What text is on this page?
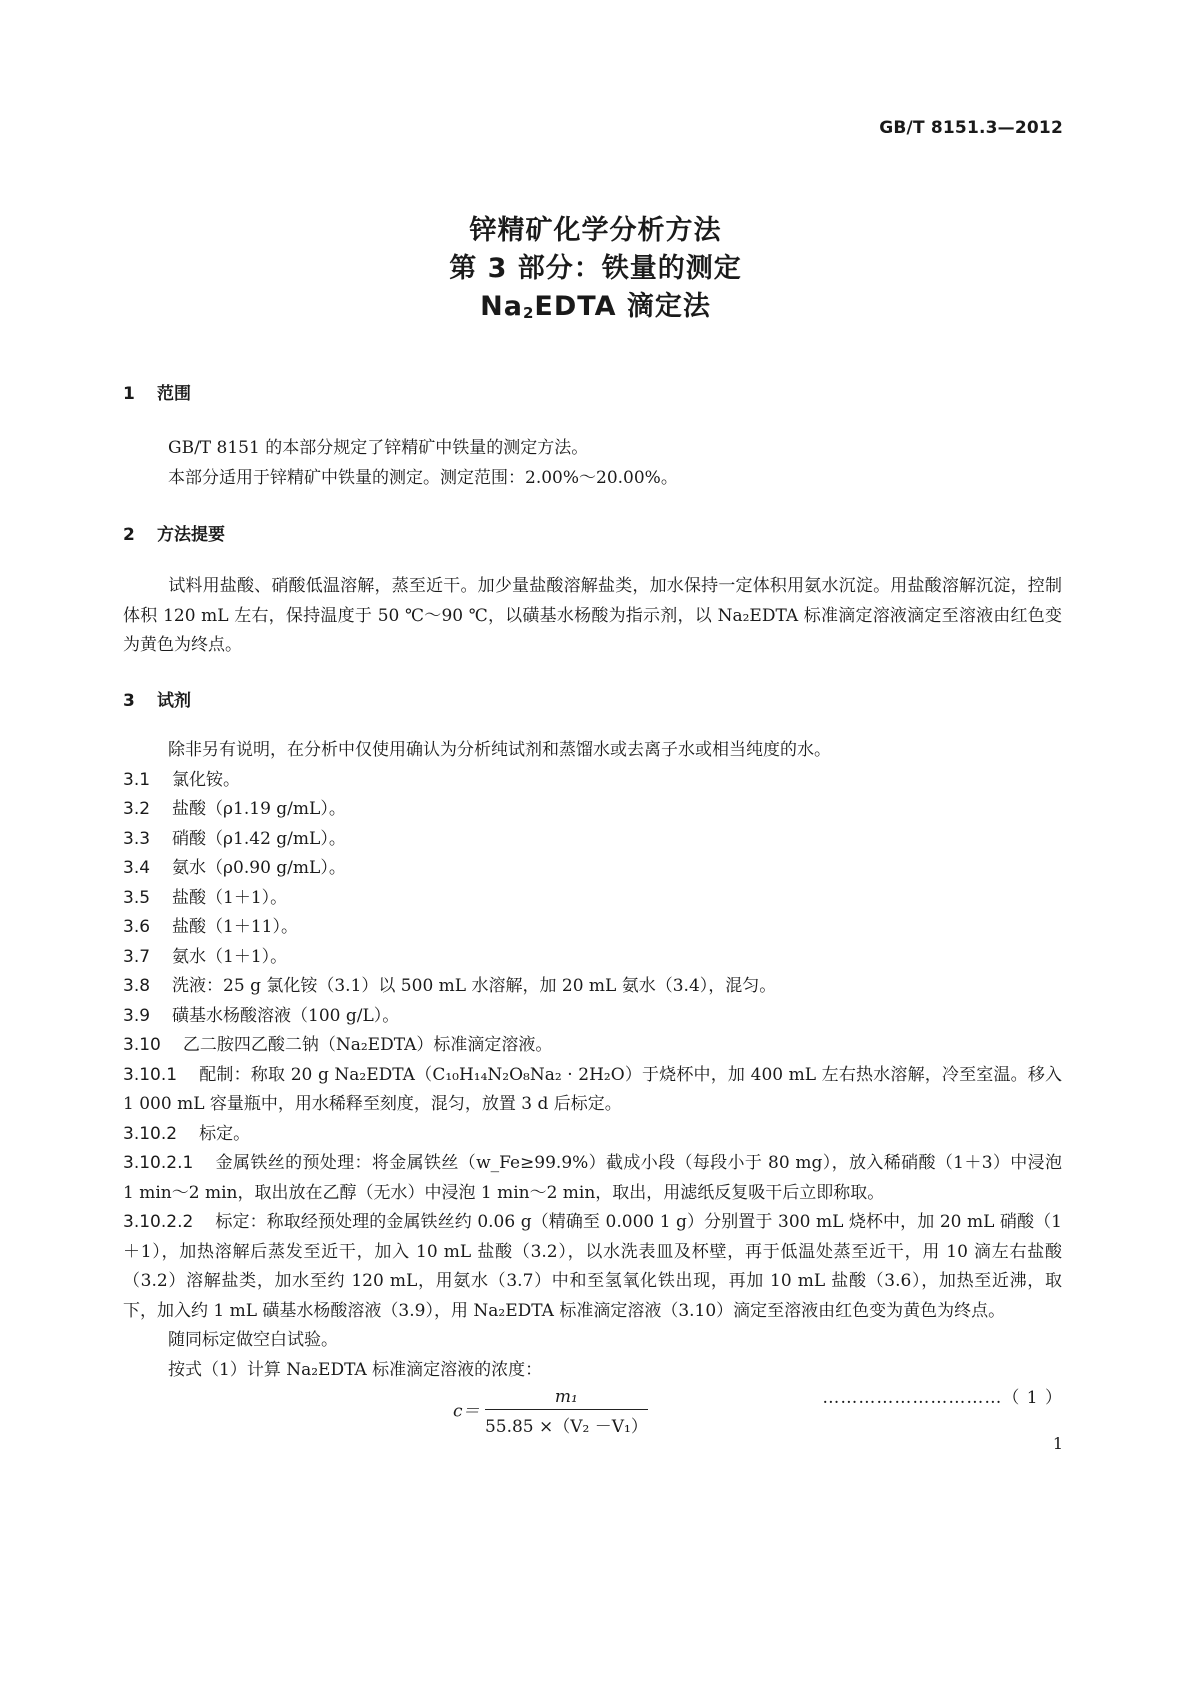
GB/T 8151.3—2012
锌精矿化学分析方法
第 3 部分：铁量的测定
$Na_2EDTA$ 滴定法
1 范围

GB/T 8151 的本部分规定了锌精矿中铁量的测定方法。

本部分适用于锌精矿中铁量的测定。测定范围：2.00%～20.00%。

2 方法提要

试料用盐酸、硝酸低温溶解，蒸至近干。加少量盐酸溶解盐类，加水保持一定体积用氨水沉淀。用盐酸溶解沉淀，控制体积 120 mL 左右，保持温度于 50 ℃～90 ℃，以磺基水杨酸为指示剂，以 Na₂EDTA 标准滴定溶液滴定至溶液由红色变为黄色为终点。

3 试剂

除非另有说明，在分析中仅使用确认为分析纯试剂和蒸馏水或去离子水或相当纯度的水。

3.1 氯化铵。

3.2 盐酸（ρ1.19 g/mL）。

3.3 硝酸（ρ1.42 g/mL）。

3.4 氨水（ρ0.90 g/mL）。

3.5 盐酸（1＋1）。

3.6 盐酸（1＋11）。

3.7 氨水（1＋1）。

3.8 洗液：25 g 氯化铵（3.1）以 500 mL 水溶解，加 20 mL 氨水（3.4），混匀。

3.9 磺基水杨酸溶液（100 g/L）。

3.10 乙二胺四乙酸二钠（Na₂EDTA）标准滴定溶液。

3.10.1 配制：称取 20 g Na₂EDTA（C₁₀H₁₄N₂O₈Na₂ · 2H₂O）于烧杯中，加 400 mL 左右热水溶解，冷至室温。移入 1 000 mL 容量瓶中，用水稀释至刻度，混匀，放置 3 d 后标定。

3.10.2 标定。

3.10.2.1 金属铁丝的预处理：将金属铁丝（w_Fe≥99.9%）截成小段（每段小于 80 mg），放入稀硝酸（1＋3）中浸泡 1 min～2 min，取出放在乙醇（无水）中浸泡 1 min～2 min，取出，用滤纸反复吸干后立即称取。

3.10.2.2 标定：称取经预处理的金属铁丝约 0.06 g（精确至 0.000 1 g）分别置于 300 mL 烧杯中，加 20 mL 硝酸（1＋1），加热溶解后蒸发至近干，加入 10 mL 盐酸（3.2），以水洗表皿及杯壁，再于低温处蒸至近干，用 10 滴左右盐酸（3.2）溶解盐类，加水至约 120 mL，用氨水（3.7）中和至氢氧化铁出现，再加 10 mL 盐酸（3.6），加热至近沸，取下，加入约 1 mL 磺基水杨酸溶液（3.9），用 Na₂EDTA 标准滴定溶液（3.10）滴定至溶液由红色变为黄色为终点。

随同标定做空白试验。

按式（1）计算 Na₂EDTA 标准滴定溶液的浓度：

$c= \frac{\text{m₁}}{\text{55.85 ×（V₂ －V₁）}}$	…………………………（ 1 ）
1
